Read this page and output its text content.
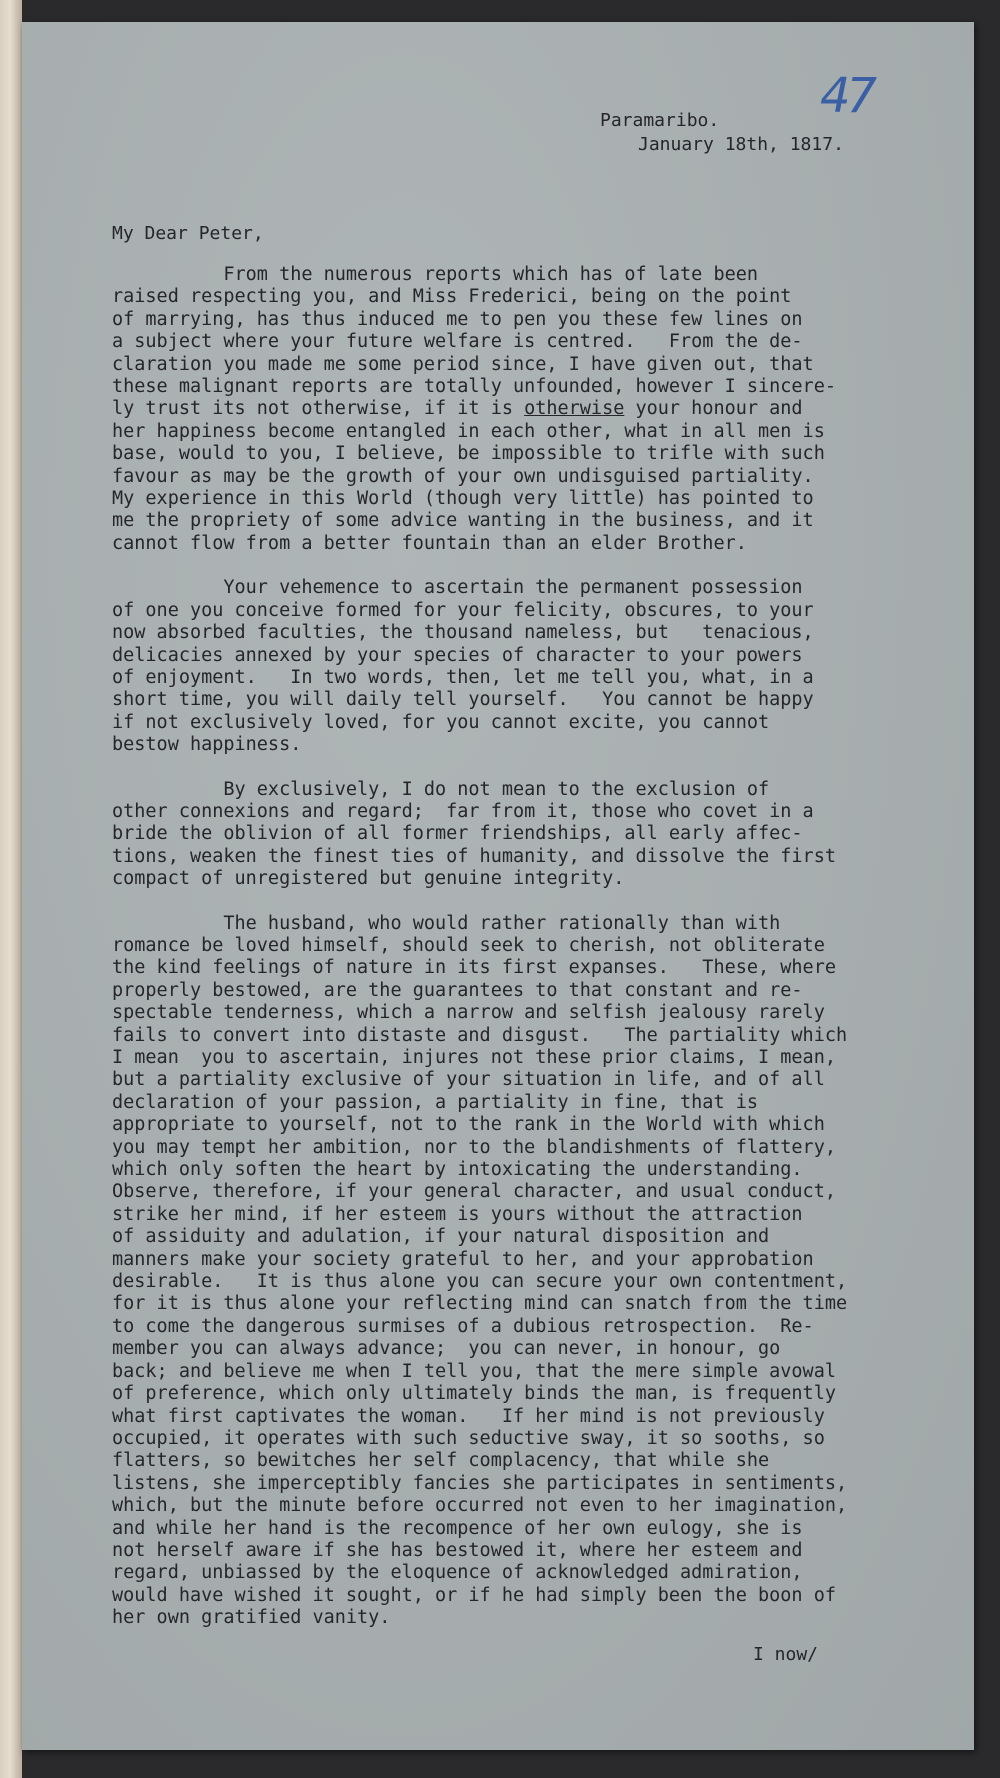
47

Paramaribo.

January 18th, 1817.

My Dear Peter,

From the numerous reports which has of late been
raised respecting you, and Miss Frederici, being on the point
of marrying, has thus induced me to pen you these few lines on
a subject where your future welfare is centred.   From the de-
claration you made me some period since, I have given out, that
these malignant reports are totally unfounded, however I sincere-
ly trust its not otherwise, if it is otherwise your honour and
her happiness become entangled in each other, what in all men is
base, would to you, I believe, be impossible to trifle with such
favour as may be the growth of your own undisguised partiality.
My experience in this World (though very little) has pointed to
me the propriety of some advice wanting in the business, and it
cannot flow from a better fountain than an elder Brother.
Your vehemence to ascertain the permanent possession
of one you conceive formed for your felicity, obscures, to your
now absorbed faculties, the thousand nameless, but   tenacious,
delicacies annexed by your species of character to your powers
of enjoyment.   In two words, then, let me tell you, what, in a
short time, you will daily tell yourself.   You cannot be happy
if not exclusively loved, for you cannot excite, you cannot
bestow happiness.
By exclusively, I do not mean to the exclusion of
other connexions and regard;  far from it, those who covet in a
bride the oblivion of all former friendships, all early affec-
tions, weaken the finest ties of humanity, and dissolve the first
compact of unregistered but genuine integrity.
The husband, who would rather rationally than with
romance be loved himself, should seek to cherish, not obliterate
the kind feelings of nature in its first expanses.   These, where
properly bestowed, are the guarantees to that constant and re-
spectable tenderness, which a narrow and selfish jealousy rarely
fails to convert into distaste and disgust.   The partiality which
I mean  you to ascertain, injures not these prior claims, I mean,
but a partiality exclusive of your situation in life, and of all
declaration of your passion, a partiality in fine, that is
appropriate to yourself, not to the rank in the World with which
you may tempt her ambition, nor to the blandishments of flattery,
which only soften the heart by intoxicating the understanding.
Observe, therefore, if your general character, and usual conduct,
strike her mind, if her esteem is yours without the attraction
of assiduity and adulation, if your natural disposition and
manners make your society grateful to her, and your approbation
desirable.   It is thus alone you can secure your own contentment,
for it is thus alone your reflecting mind can snatch from the time
to come the dangerous surmises of a dubious retrospection.  Re-
member you can always advance;  you can never, in honour, go
back; and believe me when I tell you, that the mere simple avowal
of preference, which only ultimately binds the man, is frequently
what first captivates the woman.   If her mind is not previously
occupied, it operates with such seductive sway, it so sooths, so
flatters, so bewitches her self complacency, that while she
listens, she imperceptibly fancies she participates in sentiments,
which, but the minute before occurred not even to her imagination,
and while her hand is the recompence of her own eulogy, she is
not herself aware if she has bestowed it, where her esteem and
regard, unbiassed by the eloquence of acknowledged admiration,
would have wished it sought, or if he had simply been the boon of
her own gratified vanity.

I now/
